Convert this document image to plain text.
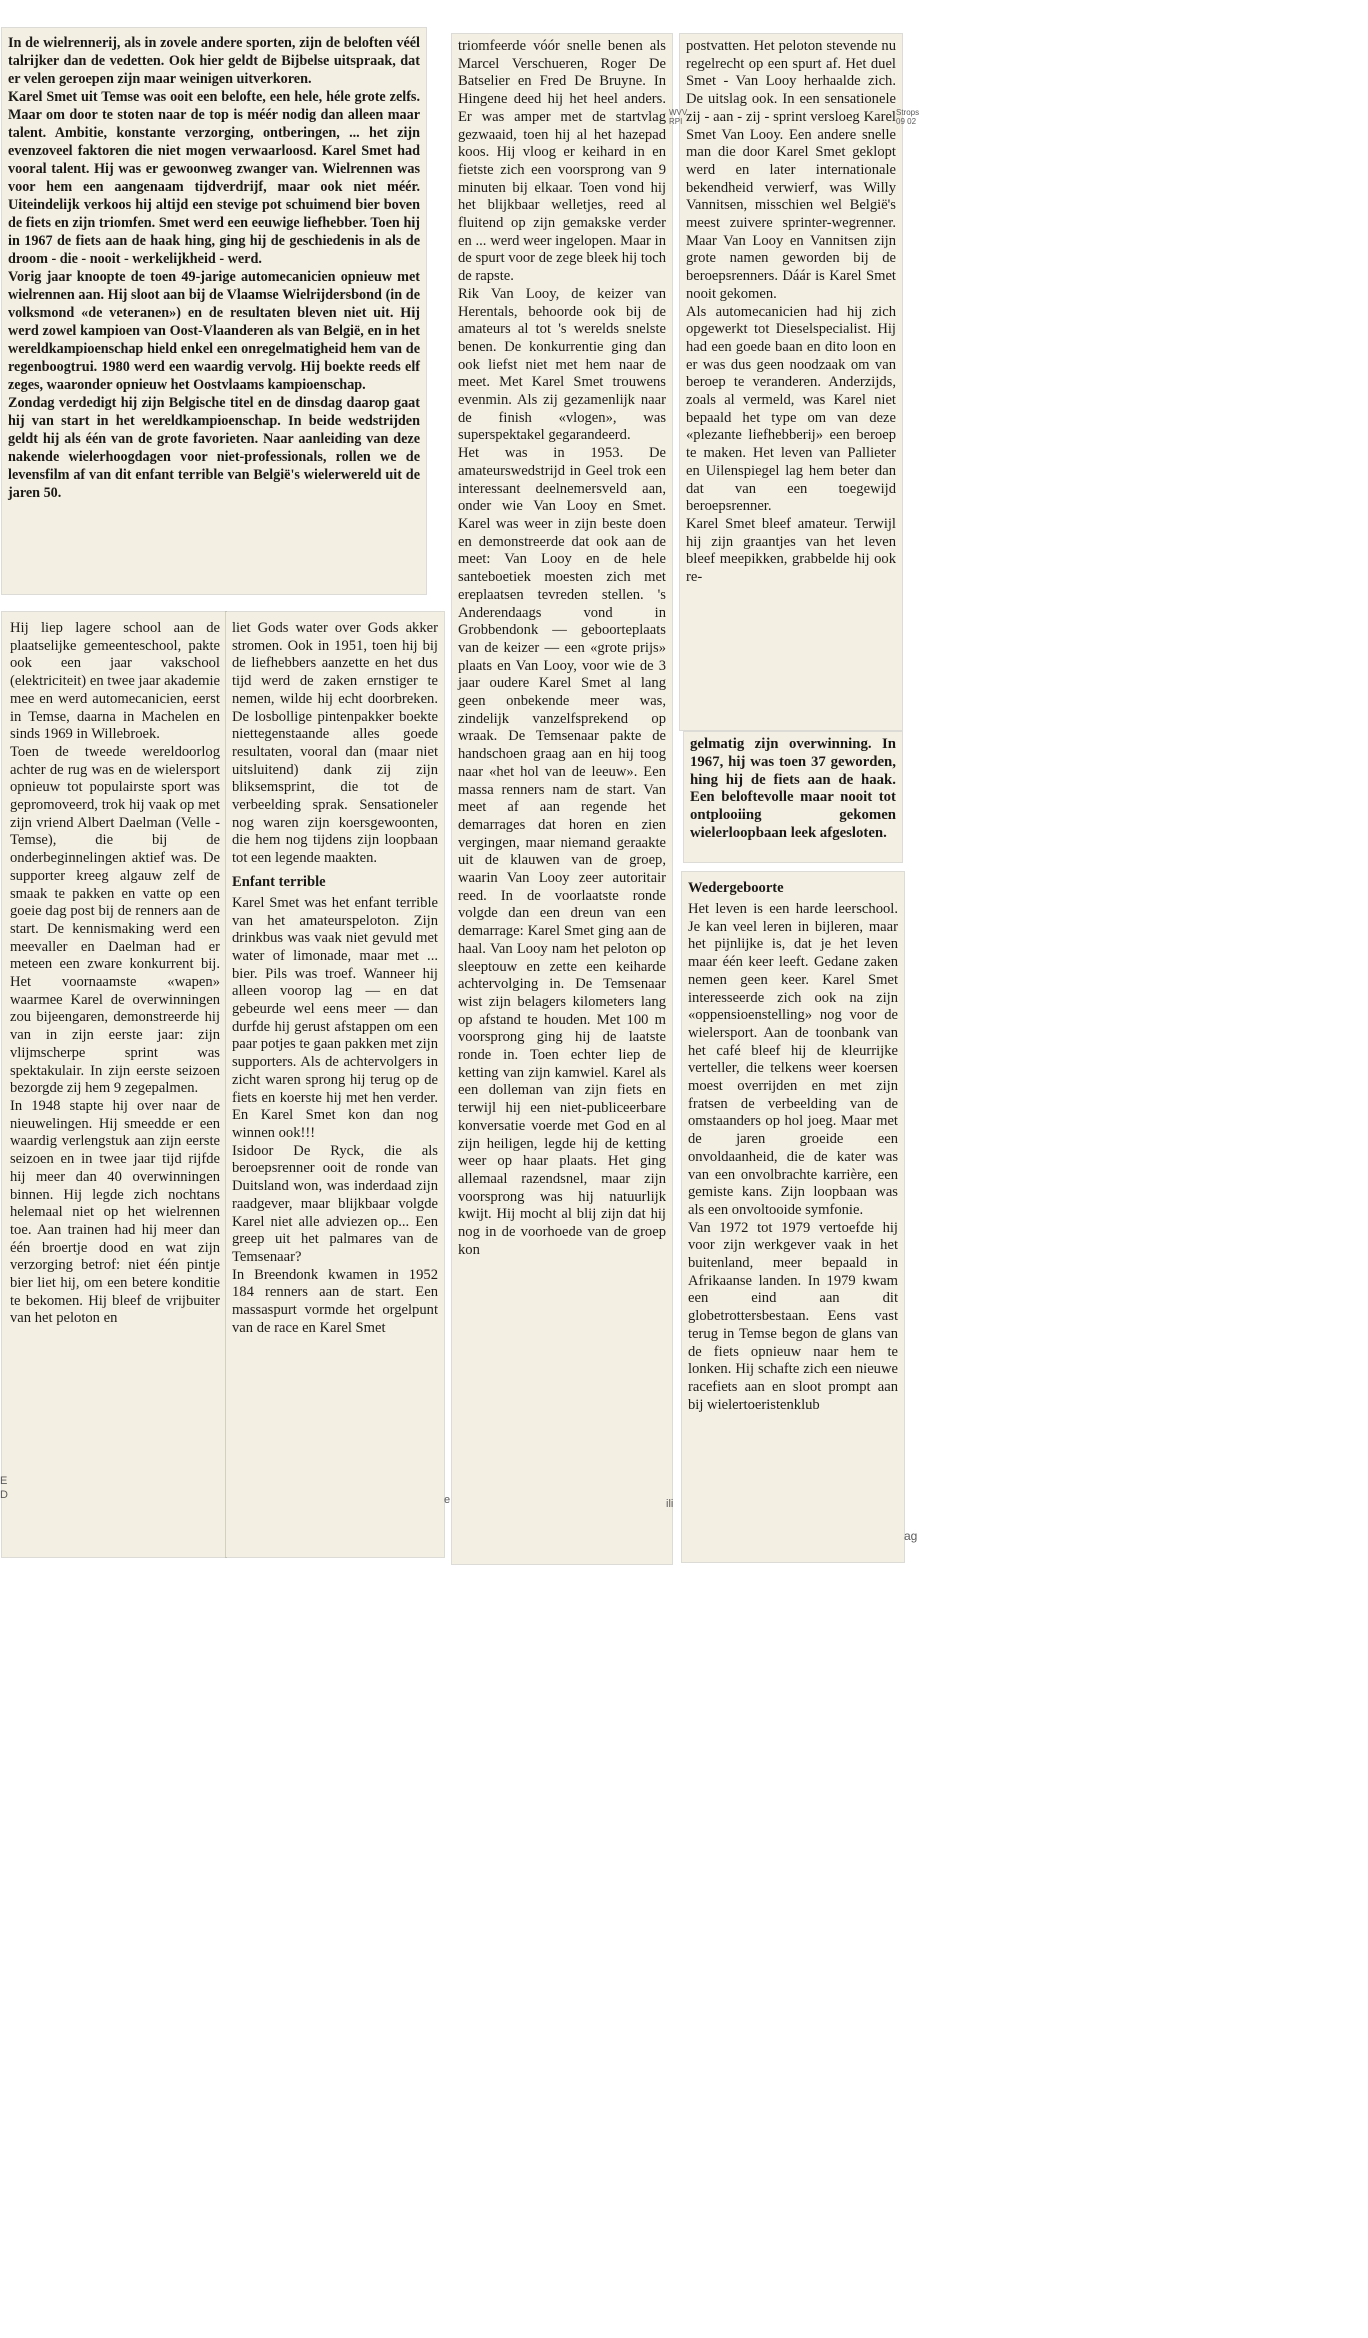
In de wielrennerij, als in zovele andere sporten, zijn de beloften véél talrijker dan de vedetten. Ook hier geldt de Bijbelse uitspraak, dat er velen geroepen zijn maar weinigen uitverkoren.
Karel Smet uit Temse was ooit een belofte, een hele, héle grote zelfs. Maar om door te stoten naar de top is méér nodig dan alleen maar talent. Ambitie, konstante verzorging, ontberingen, ... het zijn evenzoveel faktoren die niet mogen verwaarloosd. Karel Smet had vooral talent. Hij was er gewoonweg zwanger van. Wielrennen was voor hem een aangenaam tijdverdrijf, maar ook niet méér. Uiteindelijk verkoos hij altijd een stevige pot schuimend bier boven de fiets en zijn triomfen. Smet werd een eeuwige liefhebber. Toen hij in 1967 de fiets aan de haak hing, ging hij de geschiedenis in als de droom - die - nooit - werkelijkheid - werd.
Vorig jaar knoopte de toen 49-jarige automecanicien opnieuw met wielrennen aan. Hij sloot aan bij de Vlaamse Wielrijdersbond (in de volksmond «de veteranen») en de resultaten bleven niet uit. Hij werd zowel kampioen van Oost-Vlaanderen als van België, en in het wereldkampioenschap hield enkel een onregelmatigheid hem van de regenboogtrui. 1980 werd een waardig vervolg. Hij boekte reeds elf zeges, waaronder opnieuw het Oostvlaams kampioenschap.
Zondag verdedigt hij zijn Belgische titel en de dinsdag daarop gaat hij van start in het wereldkampioenschap. In beide wedstrijden geldt hij als één van de grote favorieten. Naar aanleiding van deze nakende wielerhoogdagen voor niet-professionals, rollen we de levensfilm af van dit enfant terrible van België's wielerwereld uit de jaren 50.

Hij liep lagere school aan de plaatselijke gemeenteschool, pakte ook een jaar vakschool (elektriciteit) en twee jaar akademie mee en werd automecanicien, eerst in Temse, daarna in Machelen en sinds 1969 in Willebroek.
Toen de tweede wereldoorlog achter de rug was en de wielersport opnieuw tot populairste sport was gepromoveerd, trok hij vaak op met zijn vriend Albert Daelman (Velle - Temse), die bij de onderbeginnelingen aktief was. De supporter kreeg algauw zelf de smaak te pakken en vatte op een goeie dag post bij de renners aan de start. De kennismaking werd een meevaller en Daelman had er meteen een zware konkurrent bij. Het voornaamste «wapen» waarmee Karel de overwinningen zou bijeengaren, demonstreerde hij van in zijn eerste jaar: zijn vlijmscherpe sprint was spektakulair. In zijn eerste seizoen bezorgde zij hem 9 zegepalmen.
In 1948 stapte hij over naar de nieuwelingen. Hij smeedde er een waardig verlengstuk aan zijn eerste seizoen en in twee jaar tijd rijfde hij meer dan 40 overwinningen binnen. Hij legde zich nochtans helemaal niet op het wielrennen toe. Aan trainen had hij meer dan één broertje dood en wat zijn verzorging betrof: niet één pintje bier liet hij, om een betere konditie te bekomen. Hij bleef de vrijbuiter van het peloton en

liet Gods water over Gods akker stromen. Ook in 1951, toen hij bij de liefhebbers aanzette en het dus tijd werd de zaken ernstiger te nemen, wilde hij echt doorbreken. De losbollige pintenpakker boekte niettegenstaande alles goede resultaten, vooral dan (maar niet uitsluitend) dank zij zijn bliksemsprint, die tot de verbeelding sprak. Sensationeler nog waren zijn koersgewoonten, die hem nog tijdens zijn loopbaan tot een legende maakten.

Enfant terrible

Karel Smet was het enfant terrible van het amateurspeloton. Zijn drinkbus was vaak niet gevuld met water of limonade, maar met ... bier. Pils was troef. Wanneer hij alleen voorop lag — en dat gebeurde wel eens meer — dan durfde hij gerust afstappen om een paar potjes te gaan pakken met zijn supporters. Als de achtervolgers in zicht waren sprong hij terug op de fiets en koerste hij met hen verder. En Karel Smet kon dan nog winnen ook!!!
Isidoor De Ryck, die als beroepsrenner ooit de ronde van Duitsland won, was inderdaad zijn raadgever, maar blijkbaar volgde Karel niet alle adviezen op... Een greep uit het palmares van de Temsenaar?
In Breendonk kwamen in 1952 184 renners aan de start. Een massaspurt vormde het orgelpunt van de race en Karel Smet

triomfeerde vóór snelle benen als Marcel Verschueren, Roger De Batselier en Fred De Bruyne. In Hingene deed hij het heel anders. Er was amper met de startvlag gezwaaid, toen hij al het hazepad koos. Hij vloog er keihard in en fietste zich een voorsprong van 9 minuten bij elkaar. Toen vond hij het blijkbaar welletjes, reed al fluitend op zijn gemakske verder en ... werd weer ingelopen. Maar in de spurt voor de zege bleek hij toch de rapste.
Rik Van Looy, de keizer van Herentals, behoorde ook bij de amateurs al tot 's werelds snelste benen. De konkurrentie ging dan ook liefst niet met hem naar de meet. Met Karel Smet trouwens evenmin. Als zij gezamenlijk naar de finish «vlogen», was superspektakel gegarandeerd.
Het was in 1953. De amateurswedstrijd in Geel trok een interessant deelnemersveld aan, onder wie Van Looy en Smet. Karel was weer in zijn beste doen en demonstreerde dat ook aan de meet: Van Looy en de hele santeboetiek moesten zich met ereplaatsen tevreden stellen. 's Anderendaags vond in Grobbendonk — geboorteplaats van de keizer — een «grote prijs» plaats en Van Looy, voor wie de 3 jaar oudere Karel Smet al lang geen onbekende meer was, zindelijk vanzelfsprekend op wraak. De Temsenaar pakte de handschoen graag aan en hij toog naar «het hol van de leeuw». Een massa renners nam de start. Van meet af aan regende het demarrages dat horen en zien vergingen, maar niemand geraakte uit de klauwen van de groep, waarin Van Looy zeer autoritair reed. In de voorlaatste ronde volgde dan een dreun van een demarrage: Karel Smet ging aan de haal. Van Looy nam het peloton op sleeptouw en zette een keiharde achtervolging in. De Temsenaar wist zijn belagers kilometers lang op afstand te houden. Met 100 m voorsprong ging hij de laatste ronde in. Toen echter liep de ketting van zijn kamwiel. Karel als een dolleman van zijn fiets en terwijl hij een niet-publiceerbare konversatie voerde met God en al zijn heiligen, legde hij de ketting weer op haar plaats. Het ging allemaal razendsnel, maar zijn voorsprong was hij natuurlijk kwijt. Hij mocht al blij zijn dat hij nog in de voorhoede van de groep kon

postvatten. Het peloton stevende nu regelrecht op een spurt af. Het duel Smet - Van Looy herhaalde zich. De uitslag ook. In een sensationele zij - aan - zij - sprint versloeg Karel Smet Van Looy. Een andere snelle man die door Karel Smet geklopt werd en later internationale bekendheid verwierf, was Willy Vannitsen, misschien wel België's meest zuivere sprinter-wegrenner. Maar Van Looy en Vannitsen zijn grote namen geworden bij de beroepsrenners. Dáár is Karel Smet nooit gekomen.
Als automecanicien had hij zich opgewerkt tot Dieselspecialist. Hij had een goede baan en dito loon en er was dus geen noodzaak om van beroep te veranderen. Anderzijds, zoals al vermeld, was Karel niet bepaald het type om van deze «plezante liefhebberij» een beroep te maken. Het leven van Pallieter en Uilenspiegel lag hem beter dan dat van een toegewijd beroepsrenner.
Karel Smet bleef amateur. Terwijl hij zijn graantjes van het leven bleef meepikken, grabbelde hij ook re-

gelmatig zijn overwinning. In 1967, hij was toen 37 geworden, hing hij de fiets aan de haak. Een beloftevolle maar nooit tot ontplooiing gekomen wielerloopbaan leek afgesloten.

Wedergeboorte

Het leven is een harde leerschool. Je kan veel leren in bijleren, maar het pijnlijke is, dat je het leven maar één keer leeft. Gedane zaken nemen geen keer. Karel Smet interesseerde zich ook na zijn «oppensioenstelling» nog voor de wielersport. Aan de toonbank van het café bleef hij de kleurrijke verteller, die telkens weer koersen moest overrijden en met zijn fratsen de verbeelding van de omstaanders op hol joeg. Maar met de jaren groeide een onvoldaanheid, die de kater was van een onvolbrachte karrière, een gemiste kans. Zijn loopbaan was als een onvoltooide symfonie.
Van 1972 tot 1979 vertoefde hij voor zijn werkgever vaak in het buitenland, meer bepaald in Afrikaanse landen. In 1979 kwam een eind aan dit globetrottersbestaan. Eens vast terug in Temse begon de glans van de fiets opnieuw naar hem te lonken. Hij schafte zich een nieuwe racefiets aan en sloot prompt aan bij wielertoeristenklub

WVV
RPI
Strops
09 02
E
D	e	ili
ag
